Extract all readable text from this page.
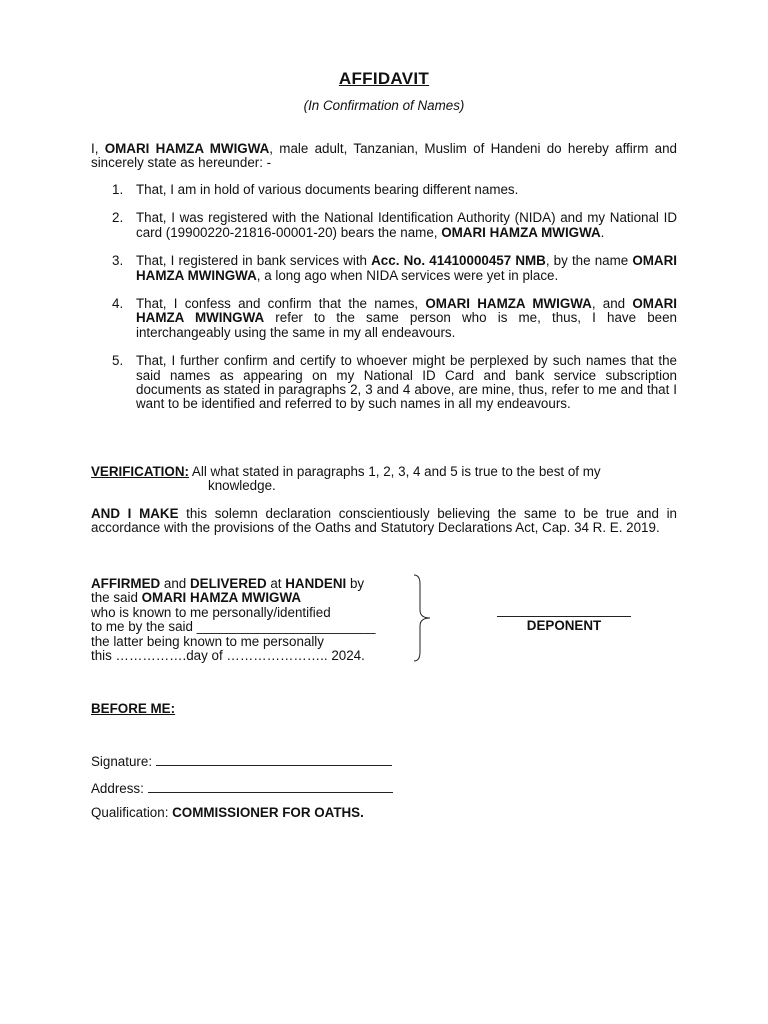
AFFIDAVIT
(In Confirmation of Names)
I, OMARI HAMZA MWIGWA, male adult, Tanzanian, Muslim of Handeni do hereby affirm and sincerely state as hereunder: -
1. That, I am in hold of various documents bearing different names.
2. That, I was registered with the National Identification Authority (NIDA) and my National ID card (19900220-21816-00001-20) bears the name, OMARI HAMZA MWIGWA.
3. That, I registered in bank services with Acc. No. 41410000457 NMB, by the name OMARI HAMZA MWINGWA, a long ago when NIDA services were yet in place.
4. That, I confess and confirm that the names, OMARI HAMZA MWIGWA, and OMARI HAMZA MWINGWA refer to the same person who is me, thus, I have been interchangeably using the same in my all endeavours.
5. That, I further confirm and certify to whoever might be perplexed by such names that the said names as appearing on my National ID Card and bank service subscription documents as stated in paragraphs 2, 3 and 4 above, are mine, thus, refer to me and that I want to be identified and referred to by such names in all my endeavours.
VERIFICATION: All what stated in paragraphs 1, 2, 3, 4 and 5 is true to the best of my
knowledge.
AND I MAKE this solemn declaration conscientiously believing the same to be true and in accordance with the provisions of the Oaths and Statutory Declarations Act, Cap. 34 R. E. 2019.
AFFIRMED and DELIVERED at HANDENI by
the said OMARI HAMZA MWIGWA
who is known to me personally/identified
to me by the said ________________________
the latter being known to me personally
this …………….day of ………………….. 2024.
DEPONENT
BEFORE ME:
Signature:
Address:
Qualification: COMMISSIONER FOR OATHS.
